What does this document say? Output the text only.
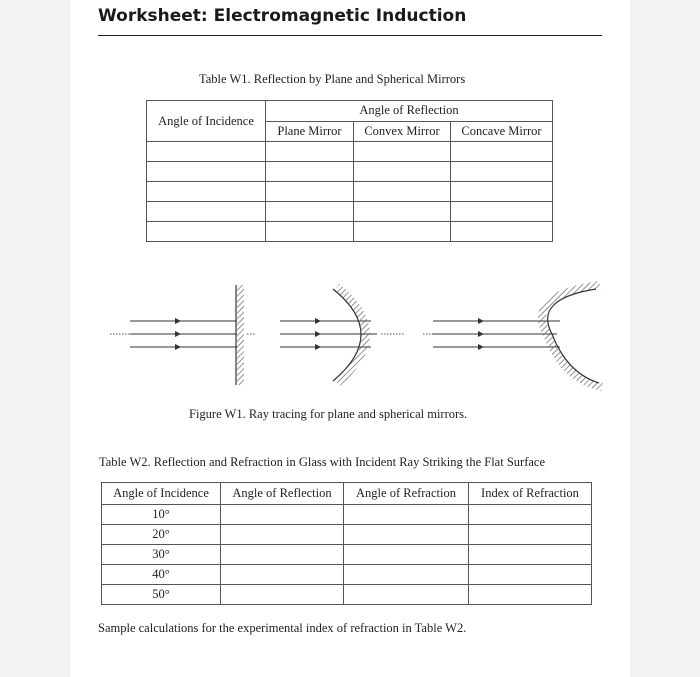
Worksheet: Electromagnetic Induction
Table W1. Reflection by Plane and Spherical Mirrors
Angle of Incidence	Angle of Reflection		
	Plane Mirror	Convex Mirror	Concave Mirror

Figure W1. Ray tracing for plane and spherical mirrors.
Table W2. Reflection and Refraction in Glass with Incident Ray Striking the Flat Surface
Angle of Incidence	Angle of Reflection	Angle of Refraction	Index of Refraction
10°			
20°			
30°			
40°			
50°			
Sample calculations for the experimental index of refraction in Table W2.
